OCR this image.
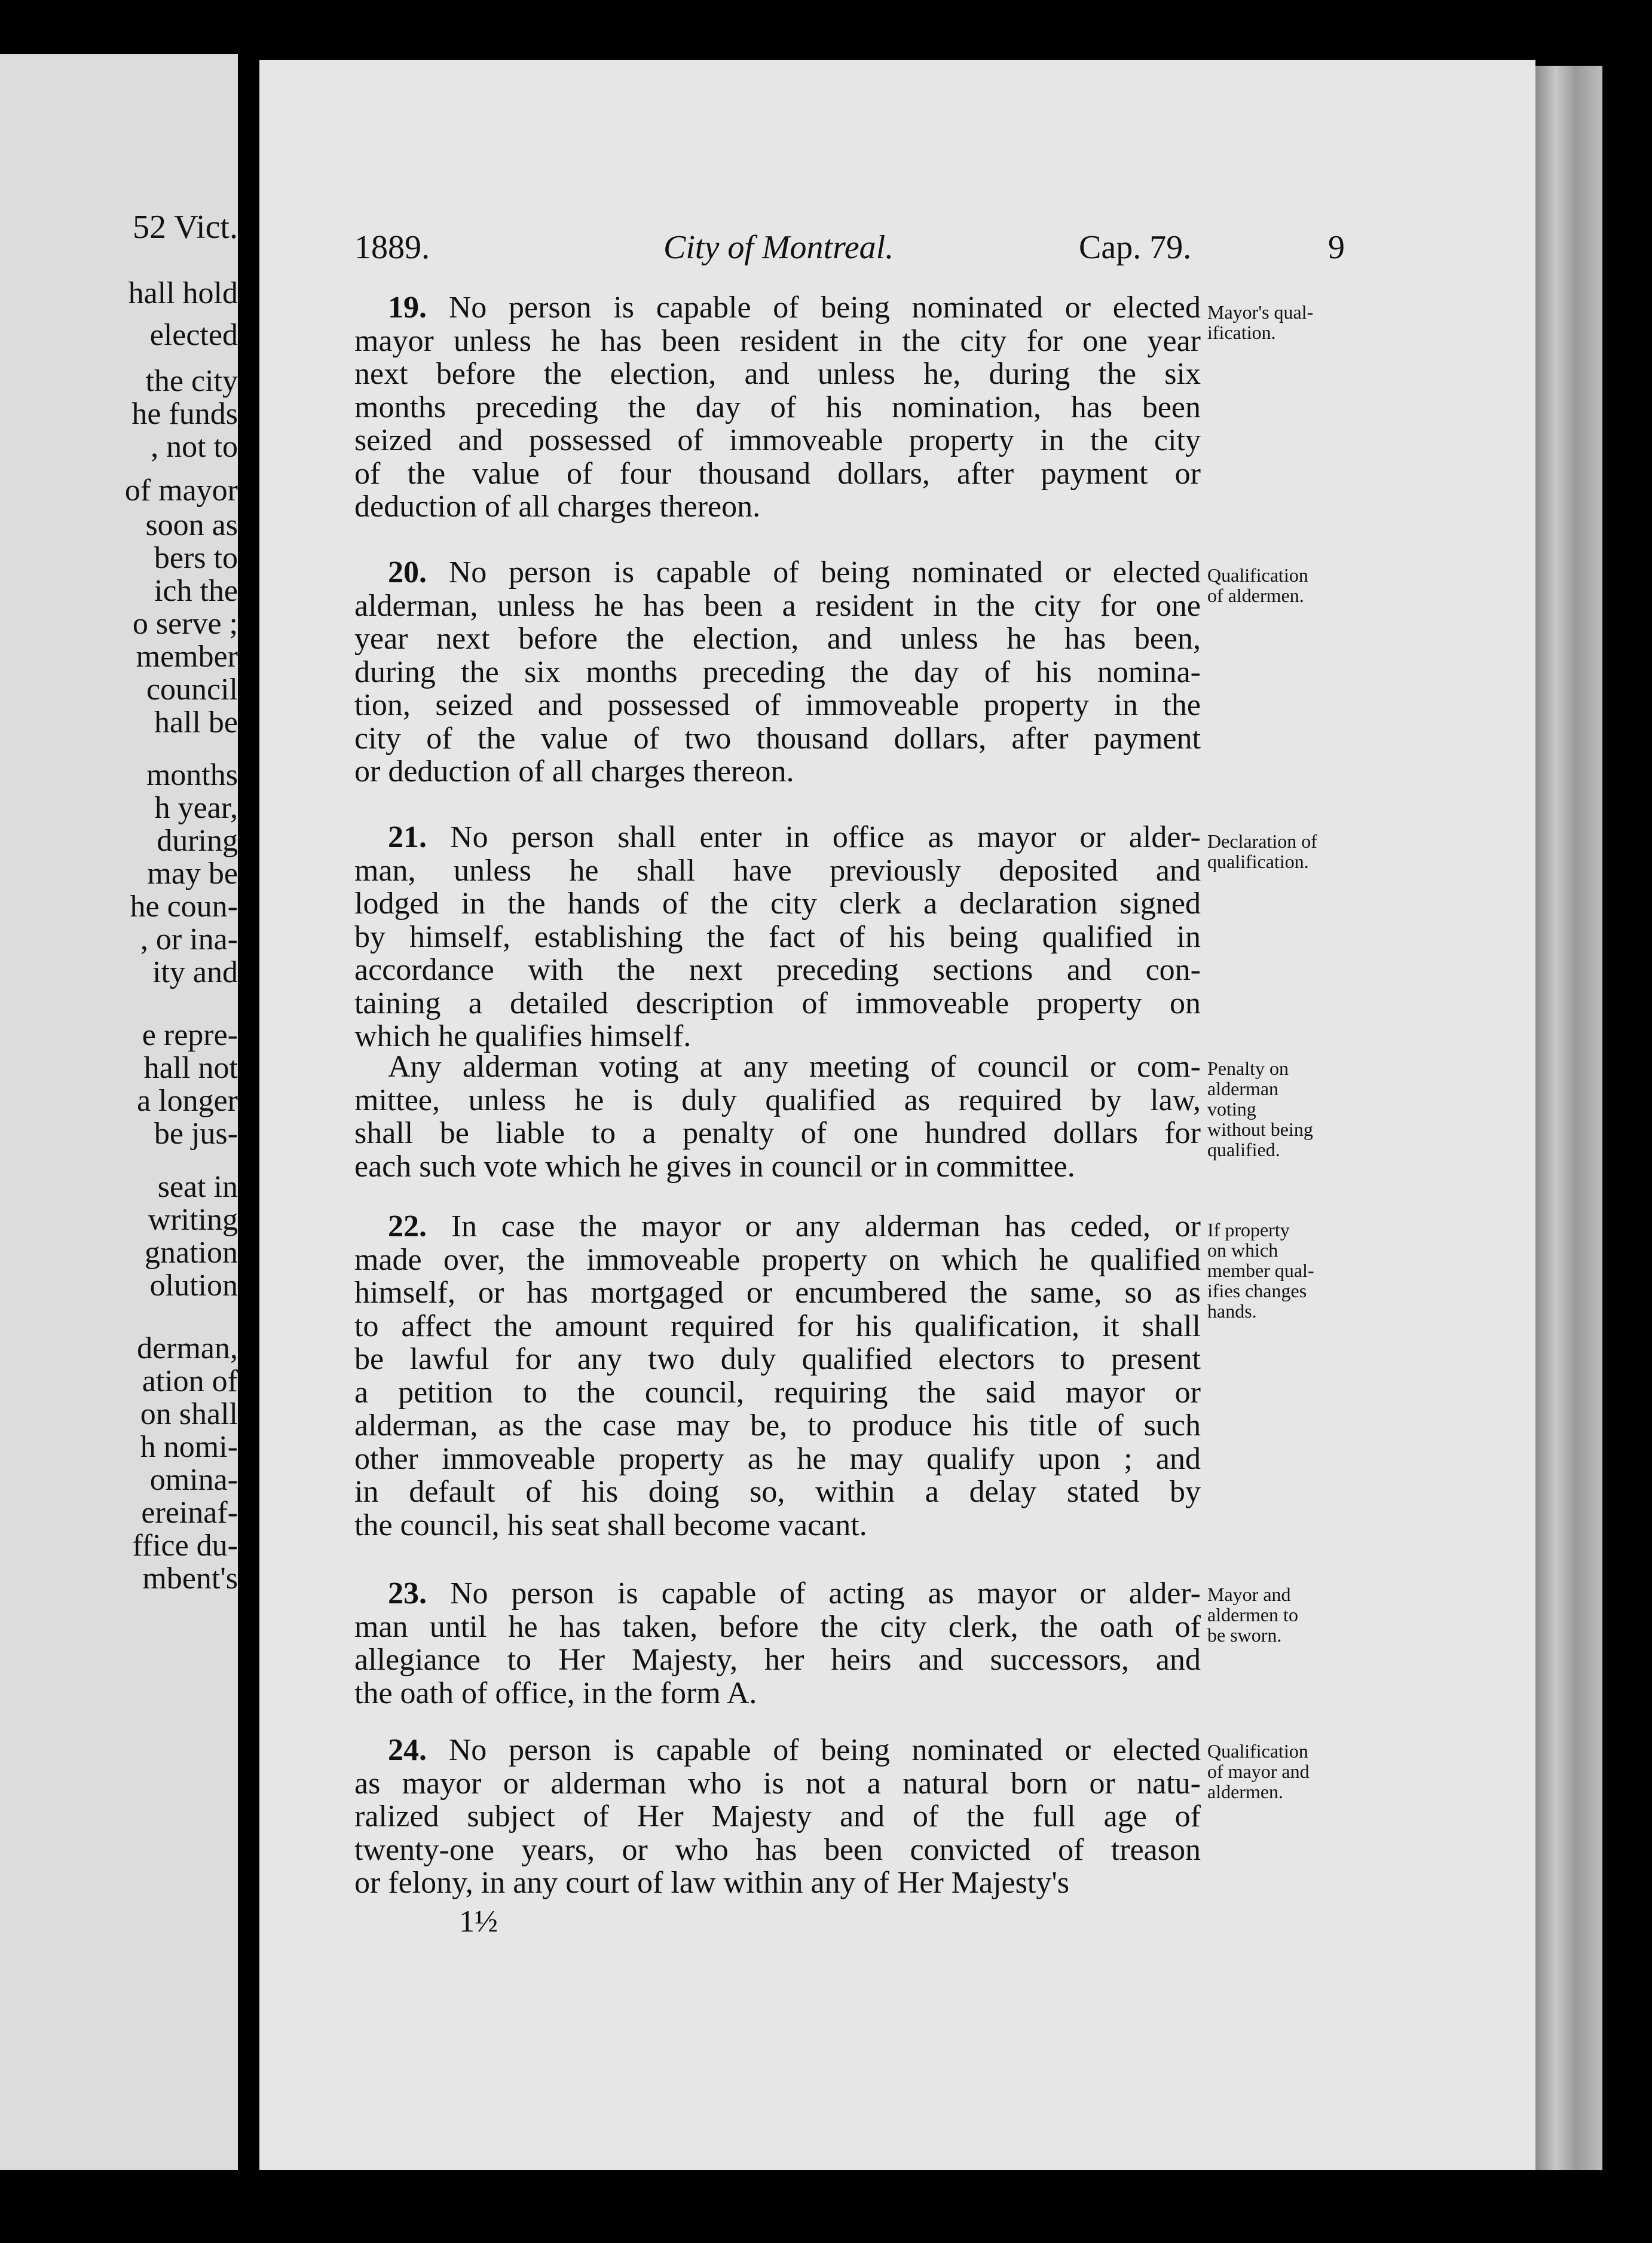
52 Vict.
hall hold
elected
the city
he funds
, not to
of mayor
soon as
bers to
ich the
o serve ;
member
council
hall be
months
h year,
during
may be
he coun-
, or ina-
ity and
e repre-
hall not
a longer
be jus-
seat in
writing
gnation
olution
derman,
ation of
on shall
h nomi-
omina-
ereinaf-
ffice du-
mbent's
1889.	City of Montreal.	Cap. 79.	9
19. No person is capable of being nominated or elected
mayor unless he has been resident in the city for one year
next before the election, and unless he, during the six
months preceding the day of his nomination, has been
seized and possessed of immoveable property in the city
of the value of four thousand dollars, after payment or
deduction of all charges thereon.
Mayor's qual-
ification.
20. No person is capable of being nominated or elected
alderman, unless he has been a resident in the city for one
year next before the election, and unless he has been,
during the six months preceding the day of his nomina-
tion, seized and possessed of immoveable property in the
city of the value of two thousand dollars, after payment
or deduction of all charges thereon.
Qualification
of aldermen.
21. No person shall enter in office as mayor or alder-
man, unless he shall have previously deposited and
lodged in the hands of the city clerk a declaration signed
by himself, establishing the fact of his being qualified in
accordance with the next preceding sections and con-
taining a detailed description of immoveable property on
which he qualifies himself.
Declaration of
qualification.
Any alderman voting at any meeting of council or com-
mittee, unless he is duly qualified as required by law,
shall be liable to a penalty of one hundred dollars for
each such vote which he gives in council or in committee.
Penalty on
alderman
voting
without being
qualified.
22. In case the mayor or any alderman has ceded, or
made over, the immoveable property on which he qualified
himself, or has mortgaged or encumbered the same, so as
to affect the amount required for his qualification, it shall
be lawful for any two duly qualified electors to present
a petition to the council, requiring the said mayor or
alderman, as the case may be, to produce his title of such
other immoveable property as he may qualify upon ; and
in default of his doing so, within a delay stated by
the council, his seat shall become vacant.
If property
on which
member qual-
ifies changes
hands.
23. No person is capable of acting as mayor or alder-
man until he has taken, before the city clerk, the oath of
allegiance to Her Majesty, her heirs and successors, and
the oath of office, in the form A.
Mayor and
aldermen to
be sworn.
24. No person is capable of being nominated or elected
as mayor or alderman who is not a natural born or natu-
ralized subject of Her Majesty and of the full age of
twenty-one years, or who has been convicted of treason
or felony, in any court of law within any of Her Majesty's
Qualification
of mayor and
aldermen.
1½
